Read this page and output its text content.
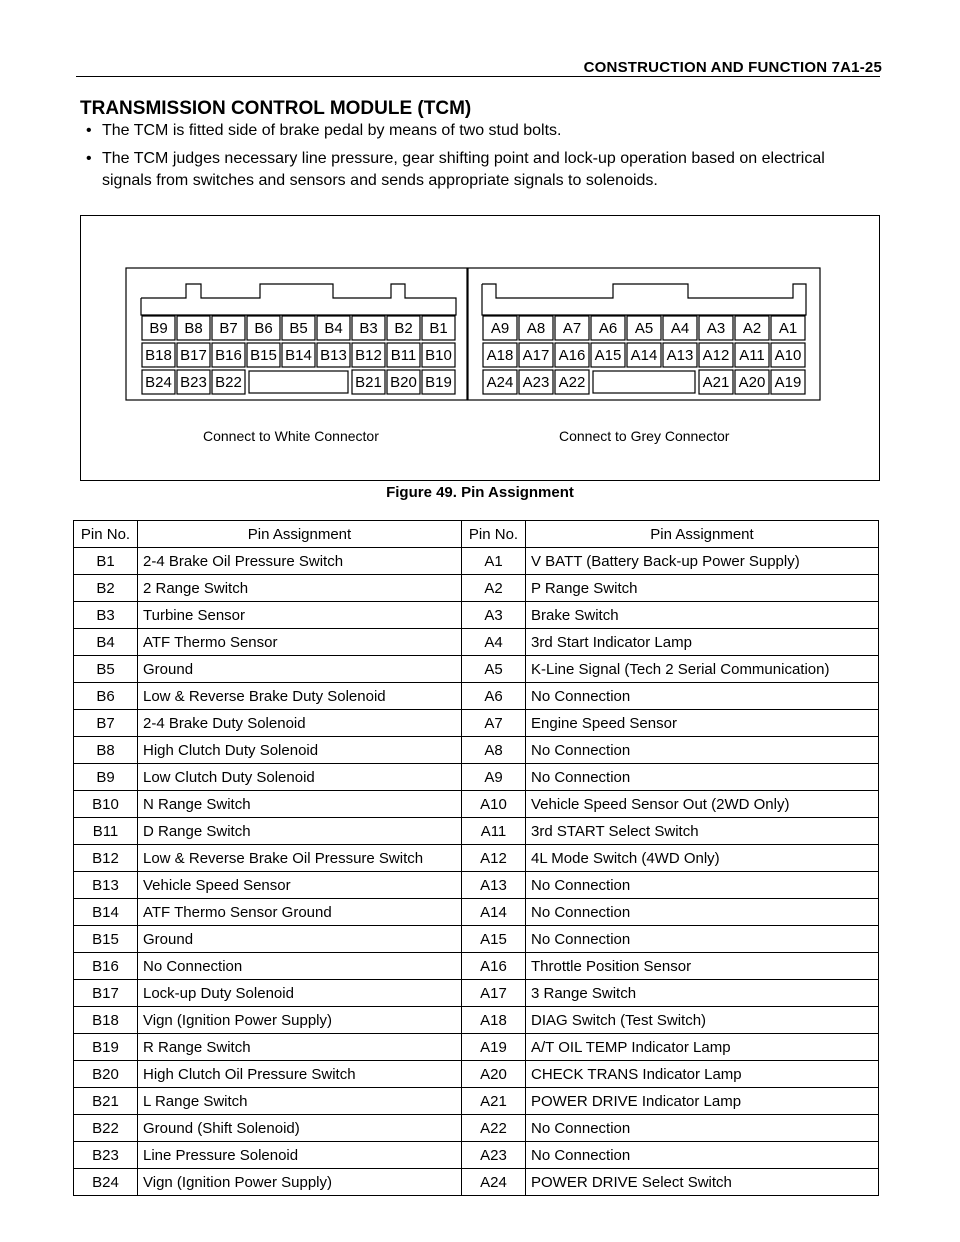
CONSTRUCTION AND FUNCTION 7A1-25
TRANSMISSION CONTROL MODULE (TCM)
• The TCM is fitted side of brake pedal by means of two stud bolts.
• The TCM judges necessary line pressure, gear shifting point and lock-up operation based on electrical
signals from switches and sensors and sends appropriate signals to solenoids.
B9 B8 B7 B6 B5 B4 B3 B2 B1
B18 B17 B16 B15 B14 B13 B12 B11 B10
B24 B23 B22	B21 B20 B19
A9 A8 A7 A6 A5 A4 A3 A2 A1
A18 A17 A16 A15 A14 A13 A12 A11 A10
A24 A23 A22	A21 A20 A19
Connect to White Connector	Connect to Grey Connector
Figure 49. Pin Assignment
Pin No.	Pin Assignment	Pin No.	Pin Assignment
B1	2-4 Brake Oil Pressure Switch	A1	V BATT (Battery Back-up Power Supply)
B2	2 Range Switch	A2	P Range Switch
B3	Turbine Sensor	A3	Brake Switch
B4	ATF Thermo Sensor	A4	3rd Start Indicator Lamp
B5	Ground	A5	K-Line Signal (Tech 2 Serial Communication)
B6	Low & Reverse Brake Duty Solenoid	A6	No Connection
B7	2-4 Brake Duty Solenoid	A7	Engine Speed Sensor
B8	High Clutch Duty Solenoid	A8	No Connection
B9	Low Clutch Duty Solenoid	A9	No Connection
B10	N Range Switch	A10	Vehicle Speed Sensor Out (2WD Only)
B11	D Range Switch	A11	3rd START Select Switch
B12	Low & Reverse Brake Oil Pressure Switch	A12	4L Mode Switch (4WD Only)
B13	Vehicle Speed Sensor	A13	No Connection
B14	ATF Thermo Sensor Ground	A14	No Connection
B15	Ground	A15	No Connection
B16	No Connection	A16	Throttle Position Sensor
B17	Lock-up Duty Solenoid	A17	3 Range Switch
B18	Vign (Ignition Power Supply)	A18	DIAG Switch (Test Switch)
B19	R Range Switch	A19	A/T OIL TEMP Indicator Lamp
B20	High Clutch Oil Pressure Switch	A20	CHECK TRANS Indicator Lamp
B21	L Range Switch	A21	POWER DRIVE Indicator Lamp
B22	Ground (Shift Solenoid)	A22	No Connection
B23	Line Pressure Solenoid	A23	No Connection
B24	Vign (Ignition Power Supply)	A24	POWER DRIVE Select Switch
